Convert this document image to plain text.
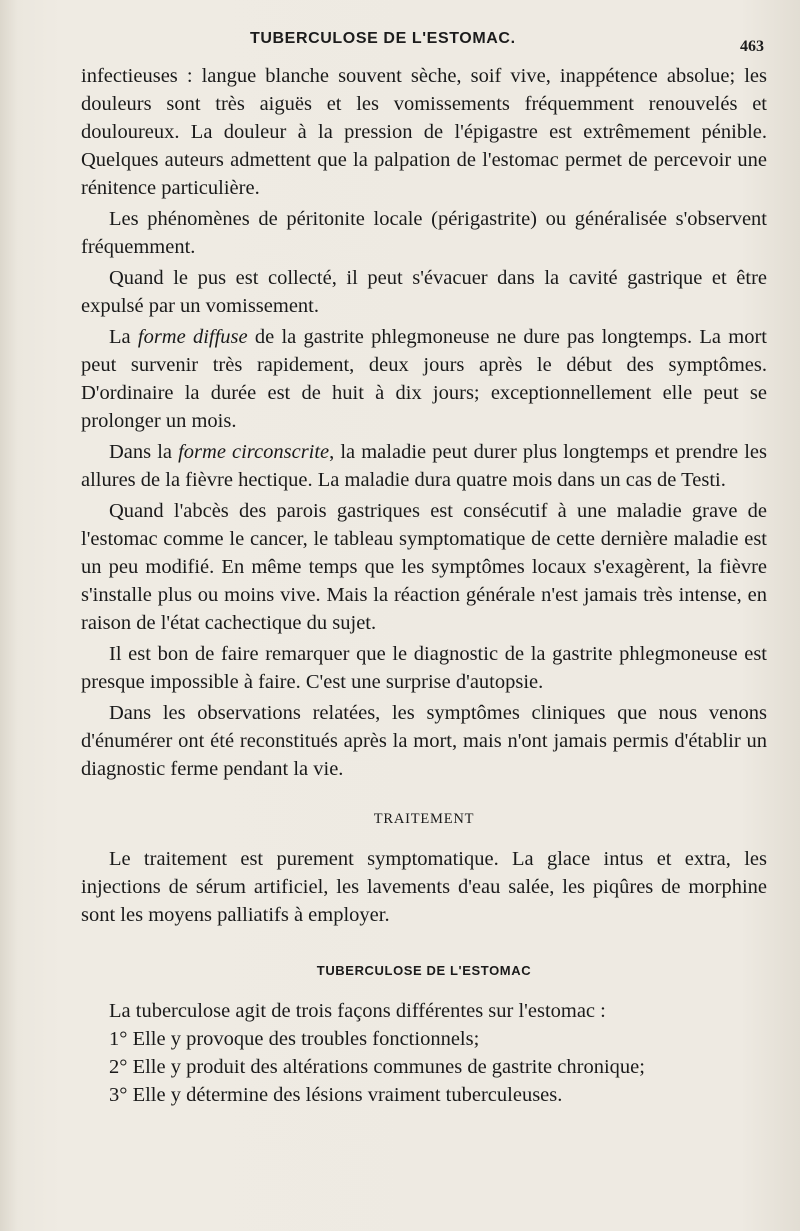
TUBERCULOSE DE L'ESTOMAC.	463

infectieuses : langue blanche souvent sèche, soif vive, inappétence absolue; les douleurs sont très aiguës et les vomissements fréquemment renouvelés et douloureux. La douleur à la pression de l'épigastre est extrêmement pénible. Quelques auteurs admettent que la palpation de l'estomac permet de percevoir une rénitence particulière.

Les phénomènes de péritonite locale (périgastrite) ou généralisée s'observent fréquemment.

Quand le pus est collecté, il peut s'évacuer dans la cavité gastrique et être expulsé par un vomissement.

La forme diffuse de la gastrite phlegmoneuse ne dure pas longtemps. La mort peut survenir très rapidement, deux jours après le début des symptômes. D'ordinaire la durée est de huit à dix jours; exceptionnellement elle peut se prolonger un mois.

Dans la forme circonscrite, la maladie peut durer plus longtemps et prendre les allures de la fièvre hectique. La maladie dura quatre mois dans un cas de Testi.

Quand l'abcès des parois gastriques est consécutif à une maladie grave de l'estomac comme le cancer, le tableau symptomatique de cette dernière maladie est un peu modifié. En même temps que les symptômes locaux s'exagèrent, la fièvre s'installe plus ou moins vive. Mais la réaction générale n'est jamais très intense, en raison de l'état cachectique du sujet.

Il est bon de faire remarquer que le diagnostic de la gastrite phlegmoneuse est presque impossible à faire. C'est une surprise d'autopsie.

Dans les observations relatées, les symptômes cliniques que nous venons d'énumérer ont été reconstitués après la mort, mais n'ont jamais permis d'établir un diagnostic ferme pendant la vie.

TRAITEMENT

Le traitement est purement symptomatique. La glace intus et extra, les injections de sérum artificiel, les lavements d'eau salée, les piqûres de morphine sont les moyens palliatifs à employer.

TUBERCULOSE DE L'ESTOMAC

La tuberculose agit de trois façons différentes sur l'estomac :

1° Elle y provoque des troubles fonctionnels;

2° Elle y produit des altérations communes de gastrite chronique;

3° Elle y détermine des lésions vraiment tuberculeuses.
